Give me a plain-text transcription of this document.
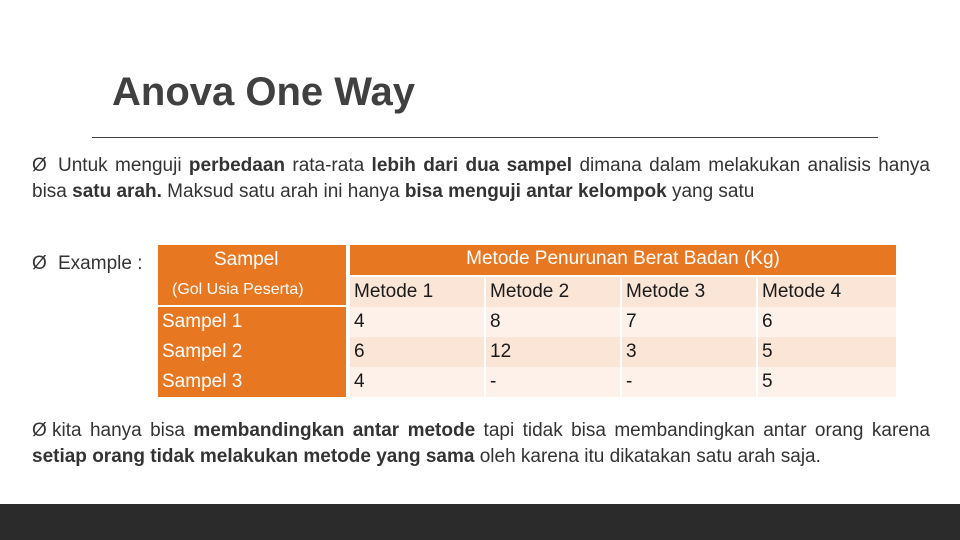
Anova One Way
Ø Untuk menguji perbedaan rata-rata lebih dari dua sampel dimana dalam melakukan analisis hanya bisa satu arah. Maksud satu arah ini hanya bisa menguji antar kelompok yang satu
Ø Example :	Sampel
(Gol Usia Peserta)
Metode Penurunan Berat Badan (Kg)
Metode 1	Metode 2	Metode 3	Metode 4
Sampel 1	4	8	7	6
Sampel 2	6	12	3	5
Sampel 3	4	-	-	5
Ø kita hanya bisa membandingkan antar metode tapi tidak bisa membandingkan antar orang karena setiap orang tidak melakukan metode yang sama oleh karena itu dikatakan satu arah saja.
